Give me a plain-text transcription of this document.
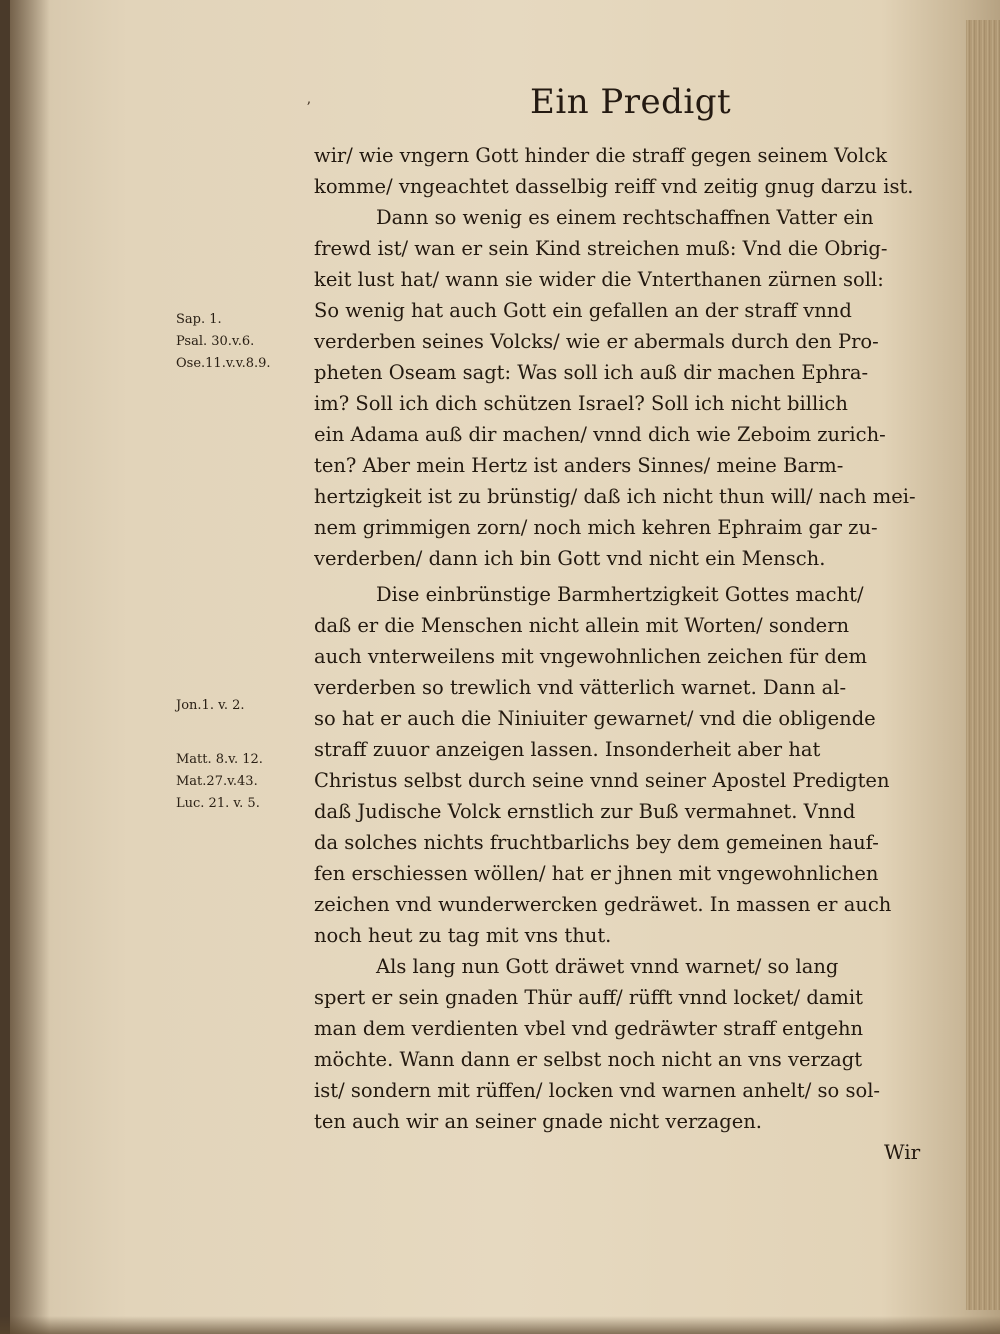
ʼ	Ein Predigt
Sap. 1.
Psal. 30.v.6.
Ose.11.v.v.8.9.
Jon.1. v. 2.
Matt. 8.v. 12.
Mat.27.v.43.
Luc. 21. v. 5.
wir/ wie vngern Gott hinder die straff gegen seinem Volck
komme/ vngeachtet dasselbig reiff vnd zeitig gnug darzu ist.
Dann so wenig es einem rechtschaffnen Vatter ein
frewd ist/ wan er sein Kind streichen muß: Vnd die Obrig-
keit lust hat/ wann sie wider die Vnterthanen zürnen soll:
So wenig hat auch Gott ein gefallen an der straff vnnd
verderben seines Volcks/ wie er abermals durch den Pro-
pheten Oseam sagt: Was soll ich auß dir machen Ephra-
im? Soll ich dich schützen Israel? Soll ich nicht billich
ein Adama auß dir machen/ vnnd dich wie Zeboim zurich-
ten? Aber mein Hertz ist anders Sinnes/ meine Barm-
hertzigkeit ist zu brünstig/ daß ich nicht thun will/ nach mei-
nem grimmigen zorn/ noch mich kehren Ephraim gar zu-
verderben/ dann ich bin Gott vnd nicht ein Mensch.
Dise einbrünstige Barmhertzigkeit Gottes macht/
daß er die Menschen nicht allein mit Worten/ sondern
auch vnterweilens mit vngewohnlichen zeichen für dem
verderben so trewlich vnd vätterlich warnet. Dann al-
so hat er auch die Niniuiter gewarnet/ vnd die obligende
straff zuuor anzeigen lassen. Insonderheit aber hat
Christus selbst durch seine vnnd seiner Apostel Predigten
daß Judische Volck ernstlich zur Buß vermahnet. Vnnd
da solches nichts fruchtbarlichs bey dem gemeinen hauf-
fen erschiessen wöllen/ hat er jhnen mit vngewohnlichen
zeichen vnd wunderwercken gedräwet. In massen er auch
noch heut zu tag mit vns thut.
Als lang nun Gott dräwet vnnd warnet/ so lang
spert er sein gnaden Thür auff/ rüfft vnnd locket/ damit
man dem verdienten vbel vnd gedräwter straff entgehn
möchte. Wann dann er selbst noch nicht an vns verzagt
ist/ sondern mit rüffen/ locken vnd warnen anhelt/ so sol-
ten auch wir an seiner gnade nicht verzagen.
Wir
